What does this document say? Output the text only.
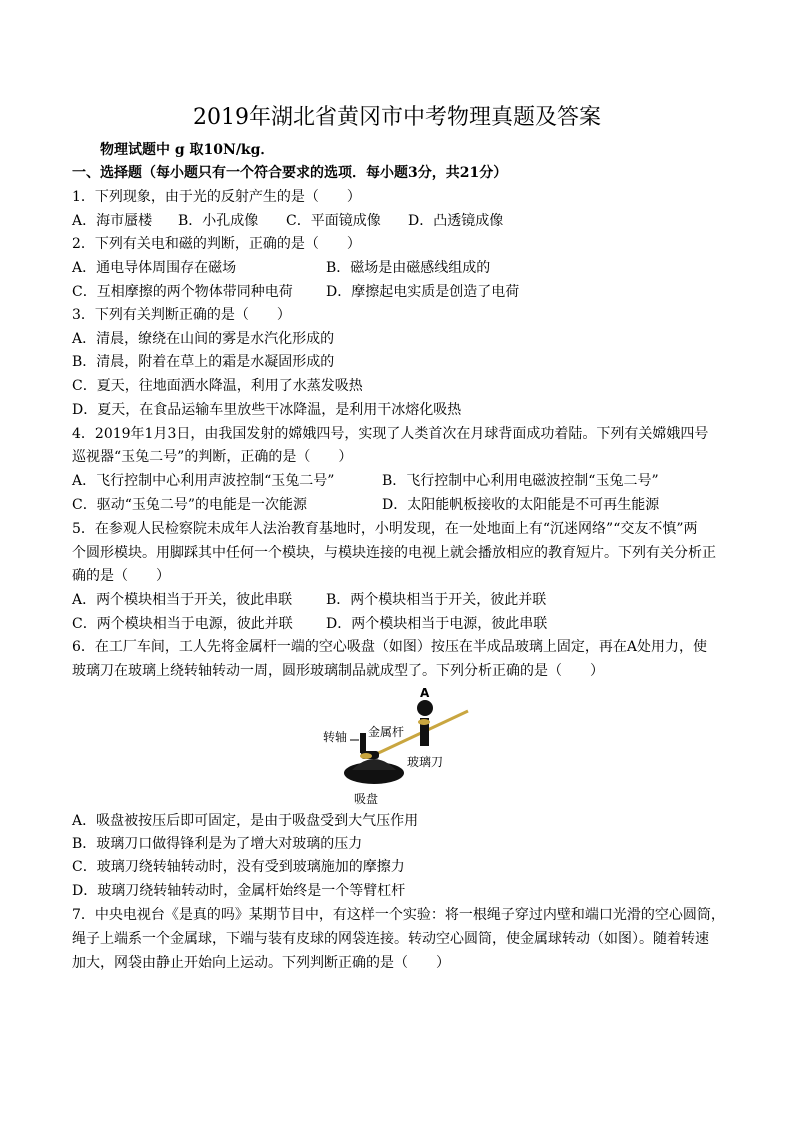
2019年湖北省黄冈市中考物理真题及答案
物理试题中 g 取10N/kg．
一、选择题（每小题只有一个符合要求的选项．每小题3分，共21分）
1．下列现象，由于光的反射产生的是（　　）
A．海市蜃楼 B．小孔成像 C．平面镜成像 D．凸透镜成像
2．下列有关电和磁的判断，正确的是（　　）
A．通电导体周围存在磁场	B．磁场是由磁感线组成的
C．互相摩擦的两个物体带同种电荷 D．摩擦起电实质是创造了电荷
3．下列有关判断正确的是（　　）
A．清晨，缭绕在山间的雾是水汽化形成的
B．清晨，附着在草上的霜是水凝固形成的
C．夏天，往地面洒水降温，利用了水蒸发吸热
D．夏天，在食品运输车里放些干冰降温，是利用干冰熔化吸热
4．2019年1月3日，由我国发射的嫦娥四号，实现了人类首次在月球背面成功着陆。下列有关嫦娥四号
巡视器“玉兔二号”的判断，正确的是（　　）
A．飞行控制中心利用声波控制“玉兔二号”	B．飞行控制中心利用电磁波控制“玉兔二号”
C．驱动“玉兔二号”的电能是一次能源	D．太阳能帆板接收的太阳能是不可再生能源
5．在参观人民检察院未成年人法治教育基地时，小明发现，在一处地面上有“沉迷网络”“交友不慎”两
个圆形模块。用脚踩其中任何一个模块，与模块连接的电视上就会播放相应的教育短片。下列有关分析正
确的是（　　）
A．两个模块相当于开关，彼此串联 B．两个模块相当于开关，彼此并联
C．两个模块相当于电源，彼此并联 D．两个模块相当于电源，彼此串联
6．在工厂车间，工人先将金属杆一端的空心吸盘（如图）按压在半成品玻璃上固定，再在A处用力，使
玻璃刀在玻璃上绕转轴转动一周，圆形玻璃制品就成型了。下列分析正确的是（　　）
A
转轴 金属杆
玻璃刀
吸盘
A．吸盘被按压后即可固定，是由于吸盘受到大气压作用
B．玻璃刀口做得锋利是为了增大对玻璃的压力
C．玻璃刀绕转轴转动时，没有受到玻璃施加的摩擦力
D．玻璃刀绕转轴转动时，金属杆始终是一个等臂杠杆
7．中央电视台《是真的吗》某期节目中，有这样一个实验：将一根绳子穿过内壁和端口光滑的空心圆筒，
绳子上端系一个金属球，下端与装有皮球的网袋连接。转动空心圆筒，使金属球转动（如图）。随着转速
加大，网袋由静止开始向上运动。下列判断正确的是（　　）
